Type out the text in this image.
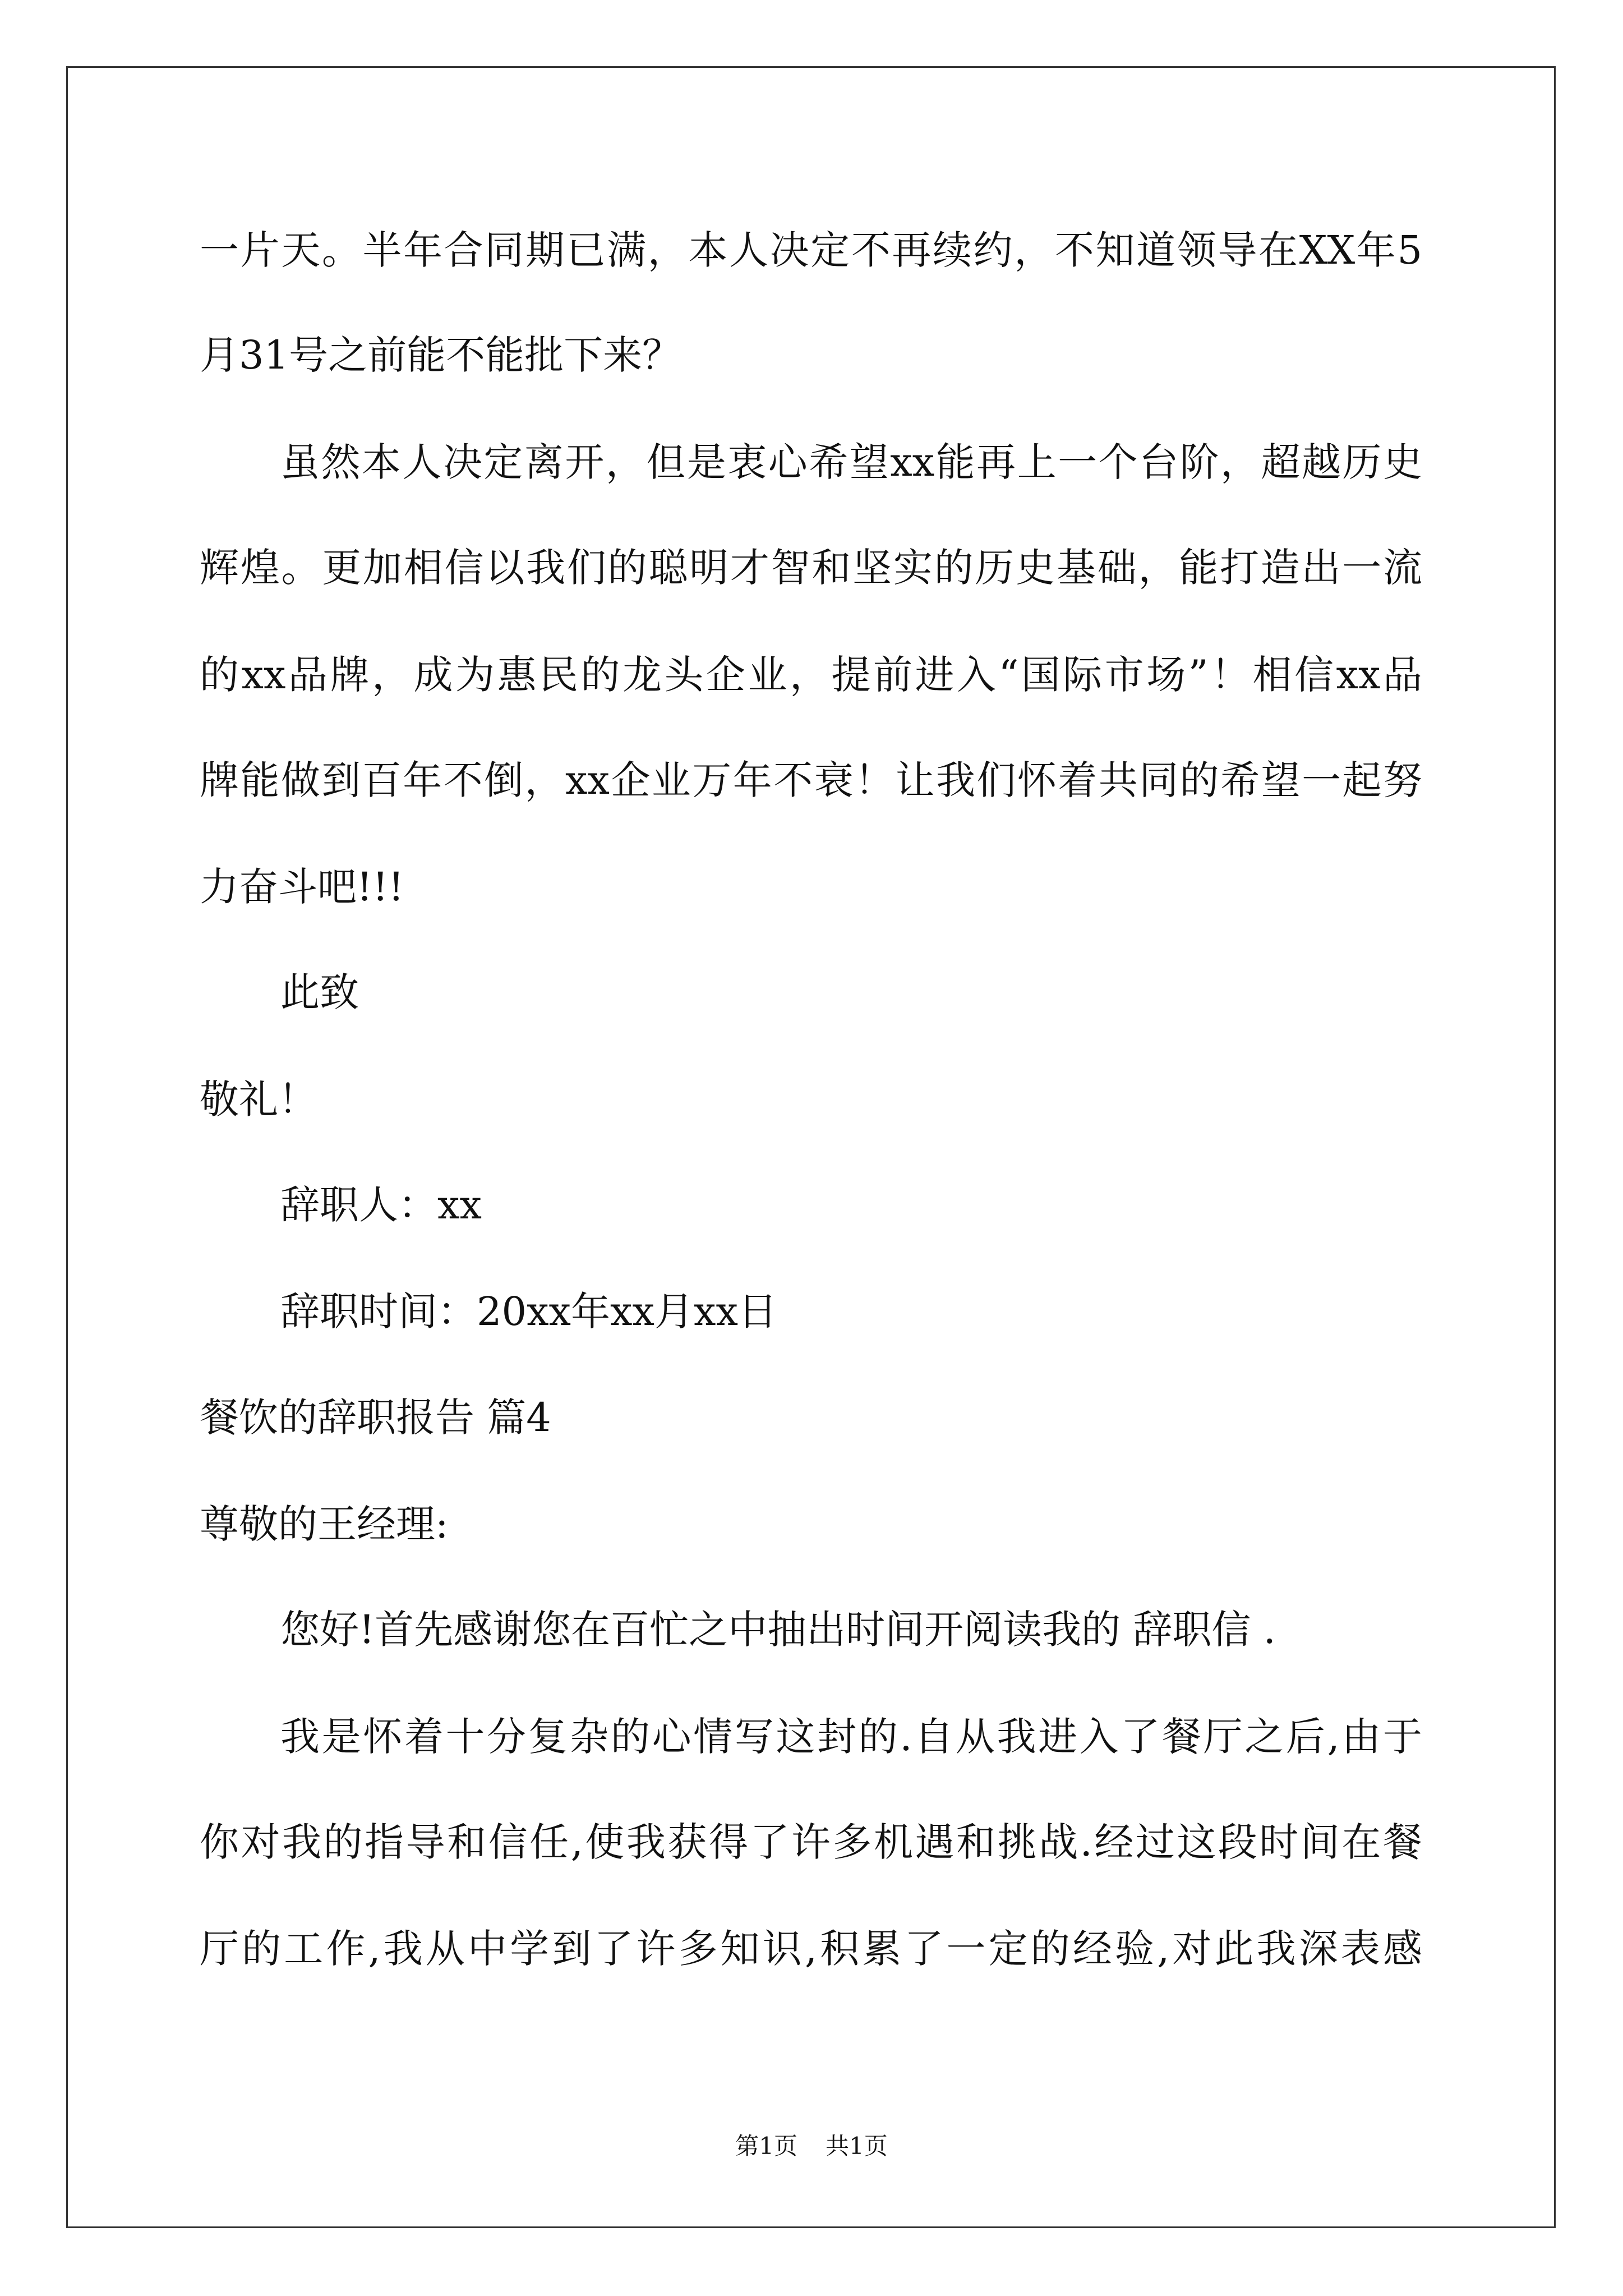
一片天。半年合同期已满，本人决定不再续约，不知道领导在XX年5
月31号之前能不能批下来？
虽然本人决定离开，但是衷心希望xx能再上一个台阶，超越历史
辉煌。更加相信以我们的聪明才智和坚实的历史基础，能打造出一流
的xx品牌，成为惠民的龙头企业，提前进入“国际市场”！相信xx品
牌能做到百年不倒，xx企业万年不衰！让我们怀着共同的希望一起努
力奋斗吧!!!
此致
敬礼！
辞职人：xx
辞职时间：20xx年xx月xx日
餐饮的辞职报告 篇4
尊敬的王经理:
您好!首先感谢您在百忙之中抽出时间开阅读我的 辞职信 .
我是怀着十分复杂的心情写这封的.自从我进入了餐厅之后,由于
你对我的指导和信任,使我获得了许多机遇和挑战.经过这段时间在餐
厅的工作,我从中学到了许多知识,积累了一定的经验,对此我深表感
第1页 共1页
